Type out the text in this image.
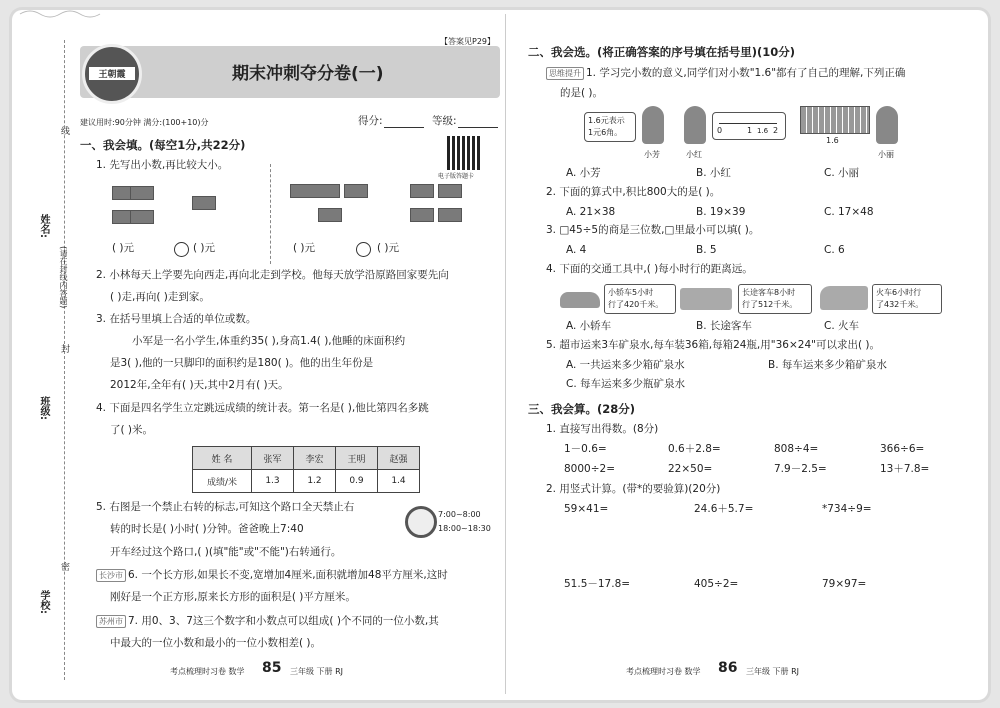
【答案见P29】
王朝霞	期末冲刺夺分卷(一)
建议用时:90分钟 满分:(100+10)分	得分:	等级:
电子版答题卡
一、我会填。(每空1分,共22分)
1. 先写出小数,再比较大小。
( )元	( )元	( )元	( )元
2. 小林每天上学要先向西走,再向北走到学校。他每天放学沿原路回家要先向
( )走,再向( )走到家。
3. 在括号里填上合适的单位或数。
小军是一名小学生,体重约35( ),身高1.4( ),他睡的床面积约
是3( ),他的一只脚印的面积约是180( )。他的出生年份是
2012年,全年有( )天,其中2月有( )天。
4. 下面是四名学生立定跳远成绩的统计表。第一名是( ),他比第四名多跳
了( )米。
姓 名	张军	李宏	王明	赵强
成绩/米	1.3	1.2	0.9	1.4
5. 右图是一个禁止右转的标志,可知这个路口全天禁止右
转的时长是( )小时( )分钟。爸爸晚上7:40
开车经过这个路口,( )(填"能"或"不能")右转通行。
7:00~8:00
18:00~18:30
长沙市 6. 一个长方形,如果长不变,宽增加4厘米,面积就增加48平方厘米,这时
刚好是一个正方形,原来长方形的面积是( )平方厘米。
苏州市 7. 用0、3、7这三个数字和小数点可以组成( )个不同的一位小数,其
中最大的一位小数和最小的一位小数相差( )。
考点梳理时习卷 数学 85 三年级 下册 RJ
姓名:
班级:
学校:
线
(请在封线内答题)
封
密
二、我会选。(将正确答案的序号填在括号里)(10分)
思维提升 1. 学习完小数的意义,同学们对小数"1.6"都有了自己的理解,下列正确
的是( )。
1.6元表示
1元6角。	0	1 1.6 2
1.6
小芳	小红	小丽
A. 小芳	B. 小红	C. 小丽
2. 下面的算式中,积比800大的是( )。
A. 21×38	B. 19×39	C. 17×48
3. □45÷5的商是三位数,□里最小可以填( )。
A. 4	B. 5	C. 6
4. 下面的交通工具中,( )每小时行的距离远。
小轿车5小时
行了420千米。
长途客车8小时
行了512千米。
火车6小时行
了432千米。
A. 小轿车	B. 长途客车	C. 火车
5. 超市运来3车矿泉水,每车装36箱,每箱24瓶,用"36×24"可以求出( )。
A. 一共运来多少箱矿泉水	B. 每车运来多少箱矿泉水
C. 每车运来多少瓶矿泉水
三、我会算。(28分)
1. 直接写出得数。(8分)
1－0.6=	0.6＋2.8=	808÷4=	366÷6=
8000÷2=	22×50=	7.9－2.5=	13＋7.8=
2. 用竖式计算。(带*的要验算)(20分)
59×41=	24.6＋5.7=	*734÷9=
51.5－17.8=	405÷2=	79×97=
考点梳理时习卷 数学 86 三年级 下册 RJ
